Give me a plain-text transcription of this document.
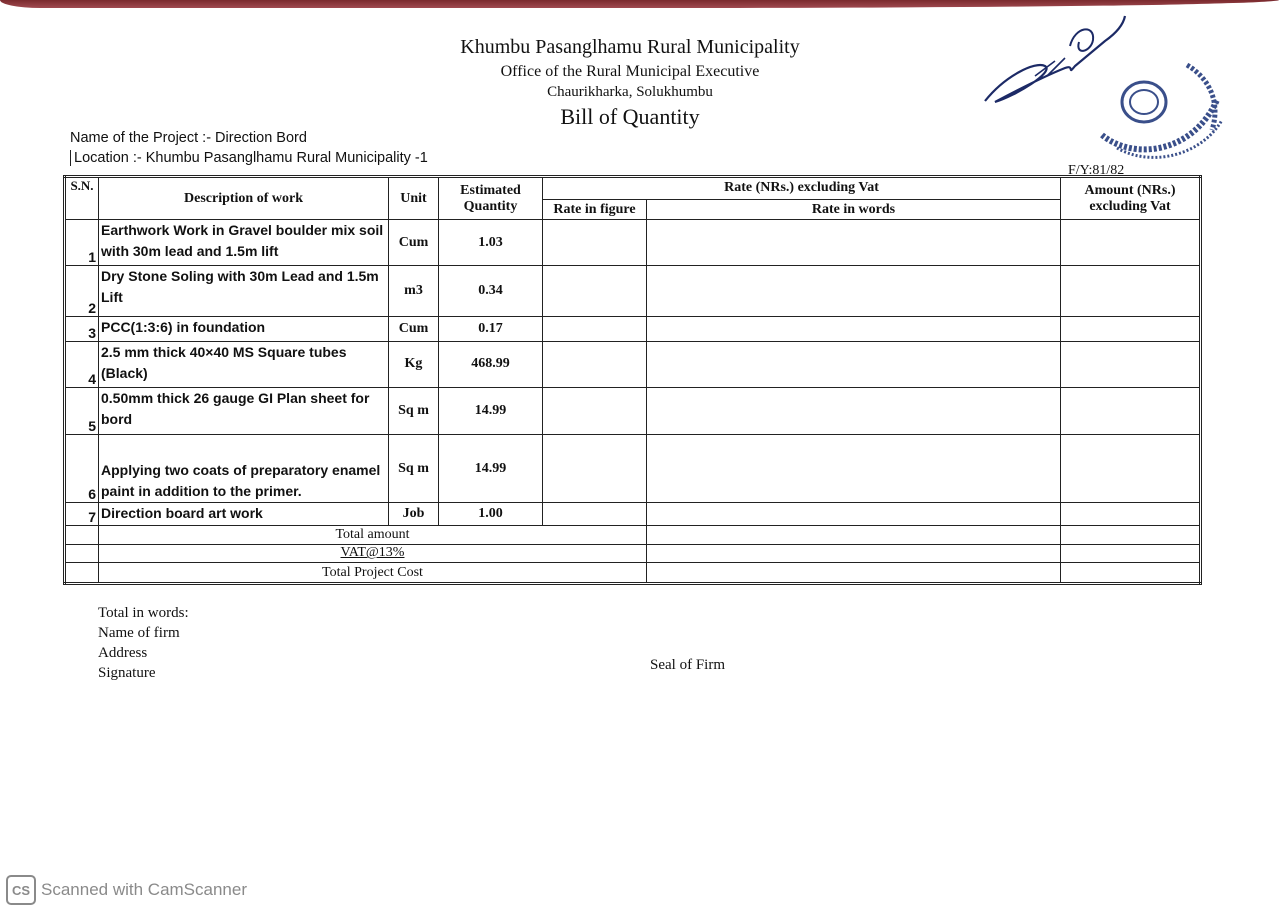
Khumbu Pasanglhamu Rural Municipality
Office of the Rural Municipal Executive
Chaurikharka, Solukhumbu
Bill of Quantity
Name of the Project :- Direction Bord
Location :- Khumbu Pasanglhamu Rural Municipality -1
F/Y:81/82
S.N.	Description of work	Unit	Estimated Quantity	Rate (NRs.) excluding Vat		Amount (NRs.) excluding Vat
				Rate in figure	Rate in words	
1	Earthwork Work in Gravel boulder mix soil with 30m lead and 1.5m lift	Cum	1.03			
2	Dry Stone Soling with 30m Lead and 1.5m Lift	m3	0.34			
3	PCC(1:3:6) in foundation	Cum	0.17			
4	2.5 mm thick 40×40 MS Square tubes (Black)	Kg	468.99			
5	0.50mm thick 26 gauge GI Plan sheet for bord	Sq m	14.99			
6	Applying two coats of preparatory enamel paint in addition to the primer.	Sq m	14.99			
7	Direction board art work	Job	1.00			
	Total amount					
	VAT@13%					
	Total Project Cost					
Total in words:
Name of firm
Address
Signature	Seal of Firm
CS Scanned with CamScanner
